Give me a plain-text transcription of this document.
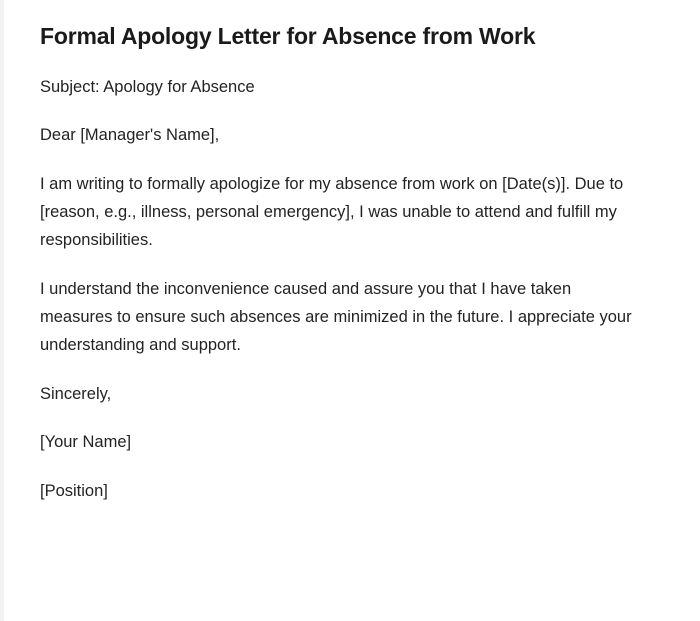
Formal Apology Letter for Absence from Work

Subject: Apology for Absence

Dear [Manager's Name],

I am writing to formally apologize for my absence from work on [Date(s)]. Due to [reason, e.g., illness, personal emergency], I was unable to attend and fulfill my responsibilities.

I understand the inconvenience caused and assure you that I have taken measures to ensure such absences are minimized in the future. I appreciate your understanding and support.

Sincerely,

[Your Name]

[Position]
